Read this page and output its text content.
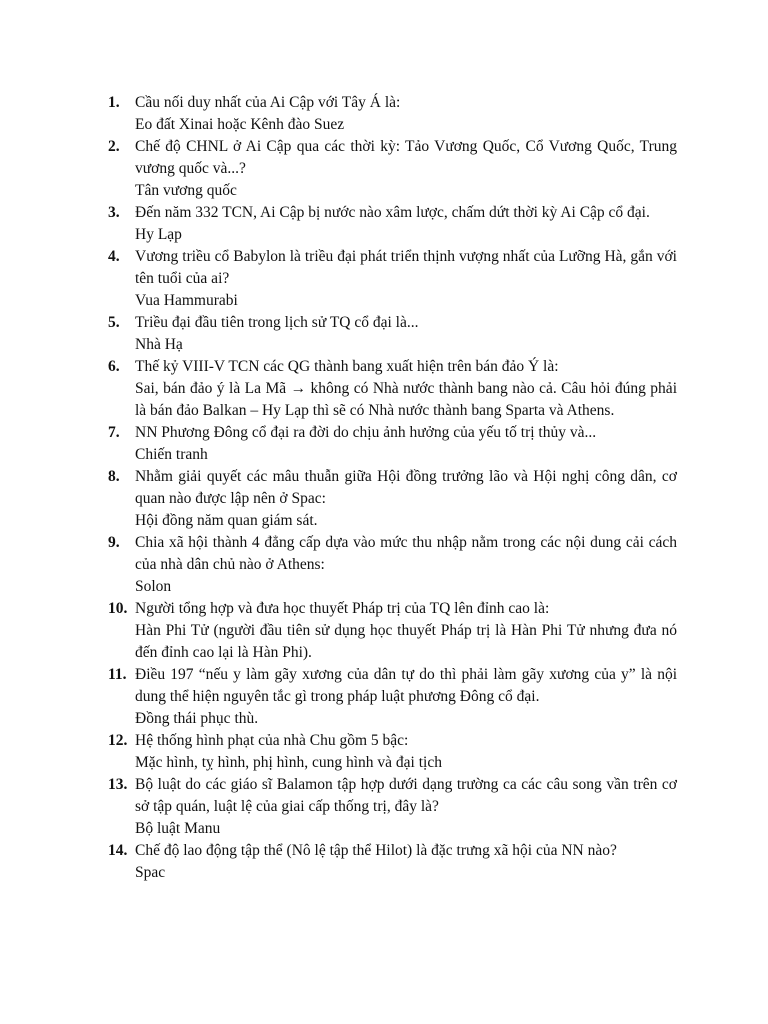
1. Cầu nối duy nhất của Ai Cập với Tây Á là:
Eo đất Xinai hoặc Kênh đào Suez
2. Chế độ CHNL ở Ai Cập qua các thời kỳ: Tảo Vương Quốc, Cổ Vương Quốc, Trung vương quốc và...?
Tân vương quốc
3. Đến năm 332 TCN, Ai Cập bị nước nào xâm lược, chấm dứt thời kỳ Ai Cập cổ đại.
Hy Lạp
4. Vương triều cổ Babylon là triều đại phát triển thịnh vượng nhất của Lưỡng Hà, gắn với tên tuổi của ai?
Vua Hammurabi
5. Triều đại đầu tiên trong lịch sử TQ cổ đại là...
Nhà Hạ
6. Thế kỷ VIII-V TCN các QG thành bang xuất hiện trên bán đảo Ý là:
Sai, bán đảo ý là La Mã → không có Nhà nước thành bang nào cả. Câu hỏi đúng phải là bán đảo Balkan – Hy Lạp thì sẽ có Nhà nước thành bang Sparta và Athens.
7. NN Phương Đông cổ đại ra đời do chịu ảnh hưởng của yếu tố trị thủy và...
Chiến tranh
8. Nhằm giải quyết các mâu thuẫn giữa Hội đồng trưởng lão và Hội nghị công dân, cơ quan nào được lập nên ở Spac:
Hội đồng năm quan giám sát.
9. Chia xã hội thành 4 đẳng cấp dựa vào mức thu nhập nằm trong các nội dung cải cách của nhà dân chủ nào ở Athens:
Solon
10. Người tổng hợp và đưa học thuyết Pháp trị của TQ lên đỉnh cao là:
Hàn Phi Tử (người đầu tiên sử dụng học thuyết Pháp trị là Hàn Phi Tử nhưng đưa nó đến đỉnh cao lại là Hàn Phi).
11. Điều 197 “nếu y làm gãy xương của dân tự do thì phải làm gãy xương của y” là nội dung thể hiện nguyên tắc gì trong pháp luật phương Đông cổ đại.
Đồng thái phục thù.
12. Hệ thống hình phạt của nhà Chu gồm 5 bậc:
Mặc hình, tỵ hình, phị hình, cung hình và đại tịch
13. Bộ luật do các giáo sĩ Balamon tập hợp dưới dạng trường ca các câu song vần trên cơ sở tập quán, luật lệ của giai cấp thống trị, đây là?
Bộ luật Manu
14. Chế độ lao động tập thể (Nô lệ tập thể Hilot) là đặc trưng xã hội của NN nào?
Spac
